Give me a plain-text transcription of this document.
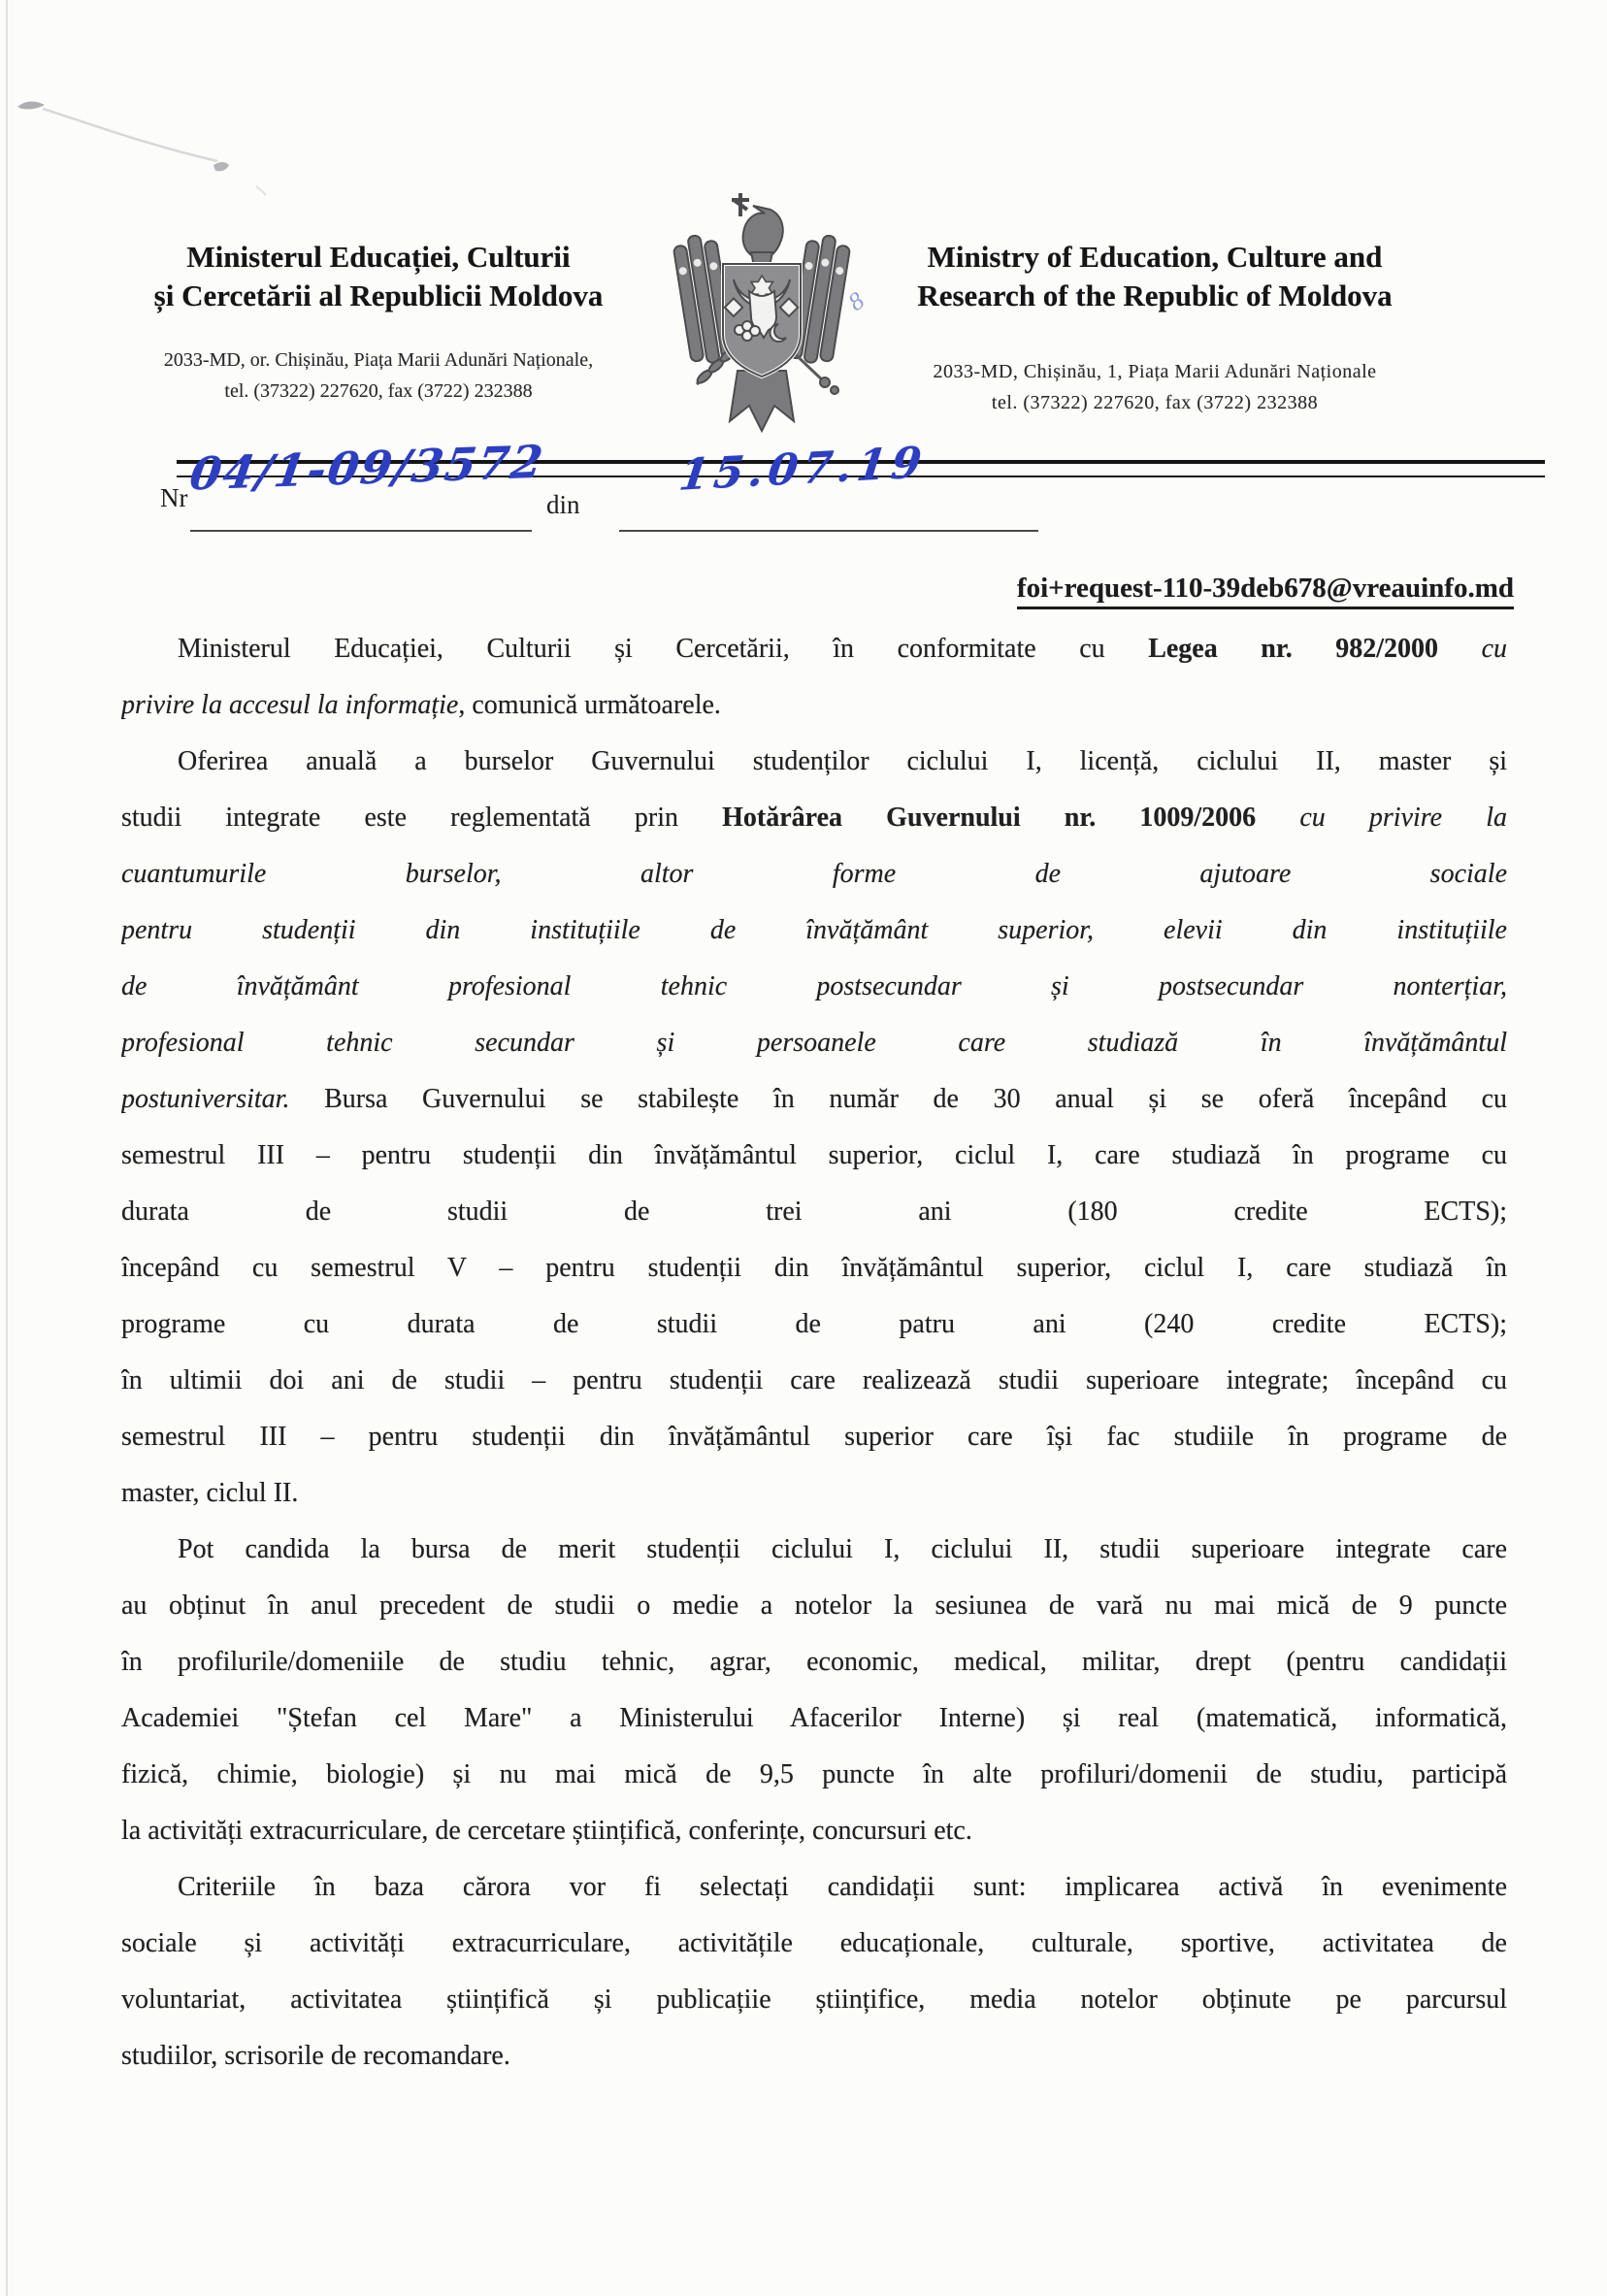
8
Ministerul Educației, Culturii
și Cercetării al Republicii Moldova
2033-MD, or. Chișinău, Piața Marii Adunări Naționale,
tel. (37322) 227620, fax (3722) 232388
Ministry of Education, Culture and
Research of the Republic of Moldova
2033-MD, Chișinău, 1, Piața Marii Adunări Naționale
tel. (37322) 227620, fax (3722) 232388
Nr
04/1-09/3572
din
15.07.19
foi+request-110-39deb678@vreauinfo.md
Ministerul Educației, Culturii și Cercetării, în conformitate cu Legea nr. 982/2000 cu
privire la accesul la informație, comunică următoarele.
Oferirea anuală a burselor Guvernului studenților ciclului I, licență, ciclului II, master și
studii integrate este reglementată prin Hotărârea Guvernului nr. 1009/2006 cu privire la
cuantumurile burselor, altor forme de ajutoare sociale
pentru studenții din instituțiile de învățământ superior, elevii din instituțiile
de învățământ profesional tehnic postsecundar și postsecundar nonterțiar,
profesional tehnic secundar și persoanele care studiază în învățământul
postuniversitar. Bursa Guvernului se stabilește în număr de 30 anual și se oferă începând cu
semestrul III – pentru studenții din învățământul superior, ciclul I, care studiază în programe cu
durata de studii de trei ani (180 credite ECTS);
începând cu semestrul V – pentru studenții din învățământul superior, ciclul I, care studiază în
programe cu durata de studii de patru ani (240 credite ECTS);
în ultimii doi ani de studii – pentru studenții care realizează studii superioare integrate; începând cu
semestrul III – pentru studenții din învățământul superior care își fac studiile în programe de
master, ciclul II.
Pot candida la bursa de merit studenții ciclului I, ciclului II, studii superioare integrate care
au obținut în anul precedent de studii o medie a notelor la sesiunea de vară nu mai mică de 9 puncte
în profilurile/domeniile de studiu tehnic, agrar, economic, medical, militar, drept (pentru candidații
Academiei "Ștefan cel Mare" a Ministerului Afacerilor Interne) și real (matematică, informatică,
fizică, chimie, biologie) și nu mai mică de 9,5 puncte în alte profiluri/domenii de studiu, participă
la activități extracurriculare, de cercetare științifică, conferințe, concursuri etc.
Criteriile în baza cărora vor fi selectați candidații sunt: implicarea activă în evenimente
sociale și activități extracurriculare, activitățile educaționale, culturale, sportive, activitatea de
voluntariat, activitatea științifică și publicațiie științifice, media notelor obținute pe parcursul
studiilor, scrisorile de recomandare.
